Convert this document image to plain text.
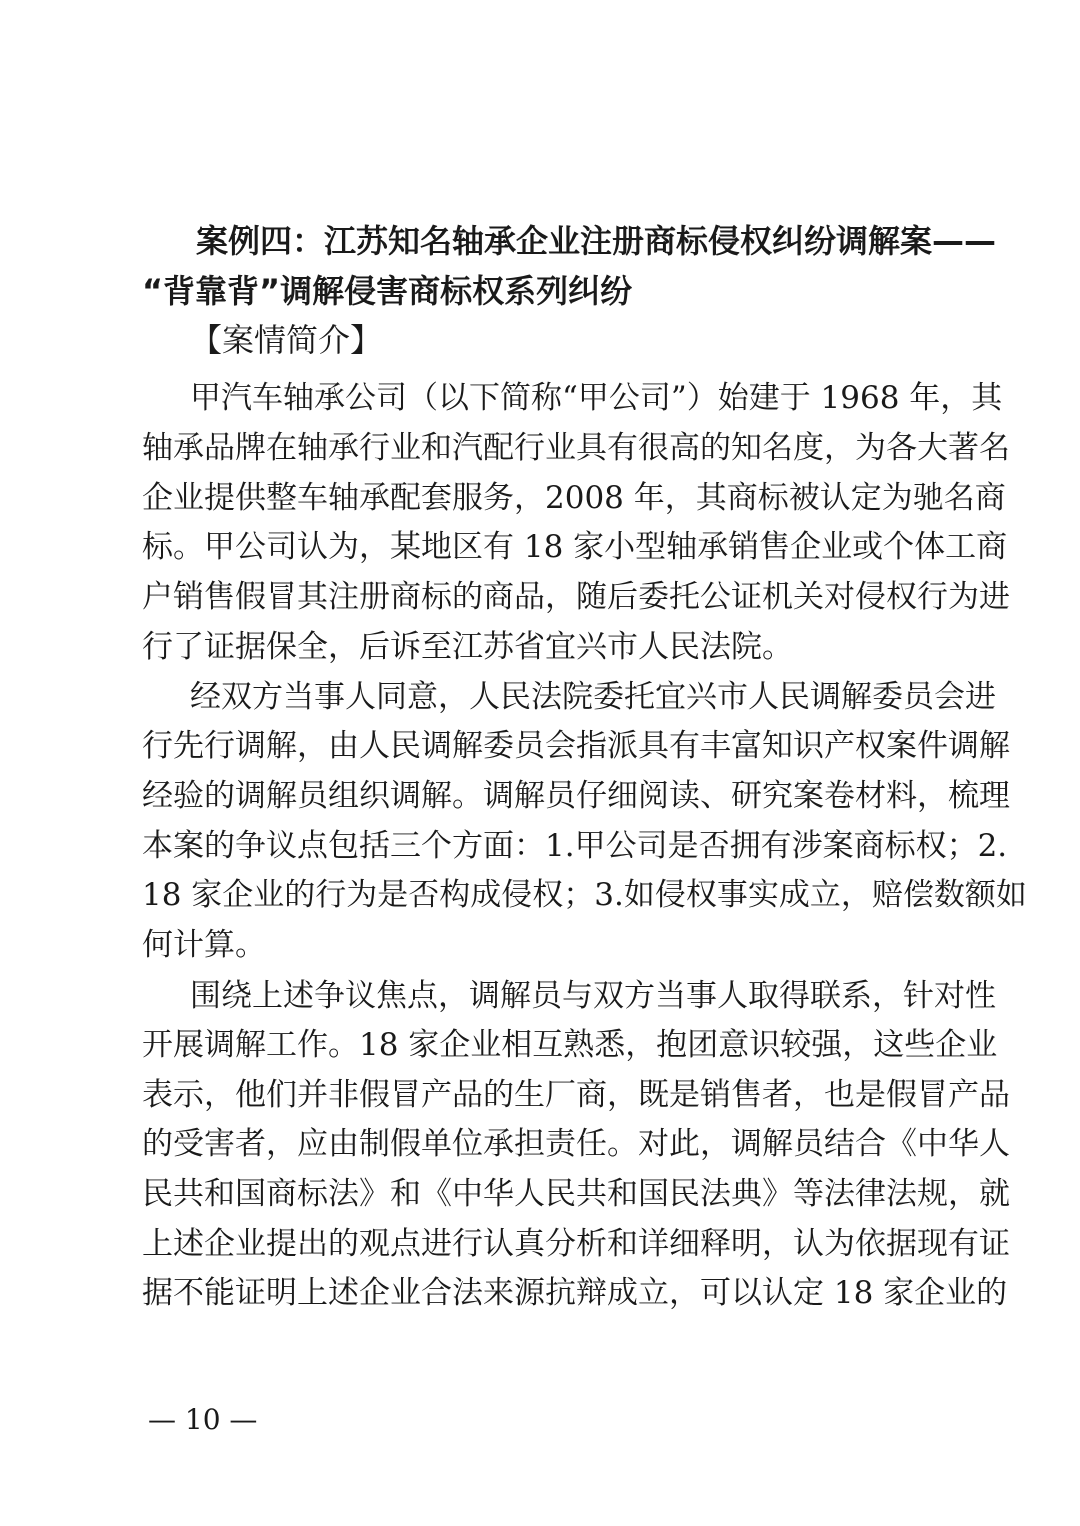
案例四：江苏知名轴承企业注册商标侵权纠纷调解案——
“背靠背”调解侵害商标权系列纠纷
【案情简介】
甲汽车轴承公司（以下简称“甲公司”）始建于 1968 年，其
轴承品牌在轴承行业和汽配行业具有很高的知名度，为各大著名
企业提供整车轴承配套服务，2008 年，其商标被认定为驰名商
标。甲公司认为，某地区有 18 家小型轴承销售企业或个体工商
户销售假冒其注册商标的商品，随后委托公证机关对侵权行为进
行了证据保全，后诉至江苏省宜兴市人民法院。
经双方当事人同意，人民法院委托宜兴市人民调解委员会进
行先行调解，由人民调解委员会指派具有丰富知识产权案件调解
经验的调解员组织调解。调解员仔细阅读、研究案卷材料，梳理
本案的争议点包括三个方面：1.甲公司是否拥有涉案商标权；2.
18 家企业的行为是否构成侵权；3.如侵权事实成立，赔偿数额如
何计算。
围绕上述争议焦点，调解员与双方当事人取得联系，针对性
开展调解工作。18 家企业相互熟悉，抱团意识较强，这些企业
表示，他们并非假冒产品的生厂商，既是销售者，也是假冒产品
的受害者，应由制假单位承担责任。对此，调解员结合《中华人
民共和国商标法》和《中华人民共和国民法典》等法律法规，就
上述企业提出的观点进行认真分析和详细释明，认为依据现有证
据不能证明上述企业合法来源抗辩成立，可以认定 18 家企业的
— 10 —
